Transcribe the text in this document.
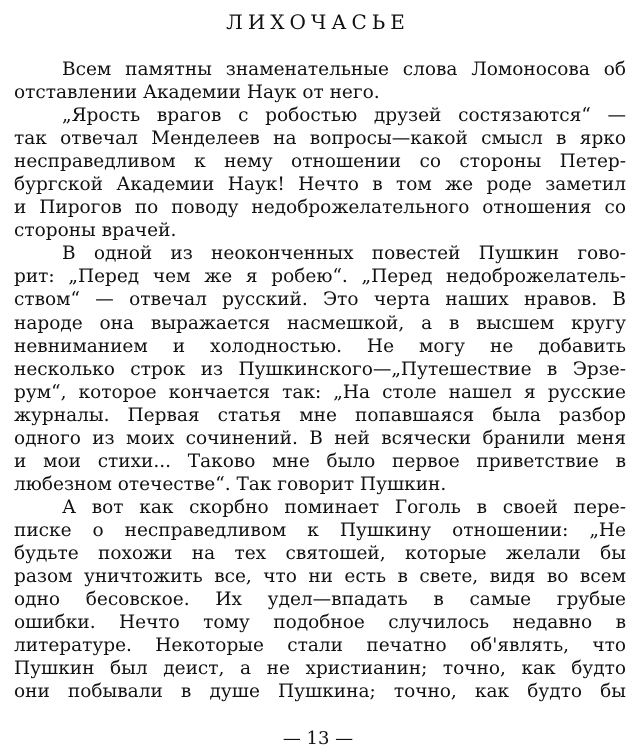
ЛИХОЧАСЬЕ
Всем памятны знаменательные слова Ломоносова об
отставлении Академии Наук от него.
„Ярость врагов с робостью друзей состязаются“ —
так отвечал Менделеев на вопросы—какой смысл в ярко
несправедливом к нему отношении со стороны Петер-
бургской Академии Наук! Нечто в том же роде заметил
и Пирогов по поводу недоброжелательного отношения со
стороны врачей.
В одной из неоконченных повестей Пушкин гово-
рит: „Перед чем же я робею“. „Перед недоброжелатель-
ством“ — отвечал русский. Это черта наших нравов. В
народе она выражается насмешкой, а в высшем кругу
невниманием и холодностью. Не могу не добавить
несколько строк из Пушкинского—„Путешествие в Эрзе-
рум“, которое кончается так: „На столе нашел я русские
журналы. Первая статья мне попавшаяся была разбор
одного из моих сочинений. В ней всячески бранили меня
и мои стихи... Таково мне было первое приветствие в
любезном отечестве“. Так говорит Пушкин.
А вот как скорбно поминает Гоголь в своей пере-
писке о несправедливом к Пушкину отношении: „Не
будьте похожи на тех святошей, которые желали бы
разом уничтожить все, что ни есть в свете, видя во всем
одно бесовское. Их удел—впадать в самые грубые
ошибки. Нечто тому подобное случилось недавно в
литературе. Некоторые стали печатно об'являть, что
Пушкин был деист, а не христианин; точно, как будто
они побывали в душе Пушкина; точно, как будто бы
— 13 —
